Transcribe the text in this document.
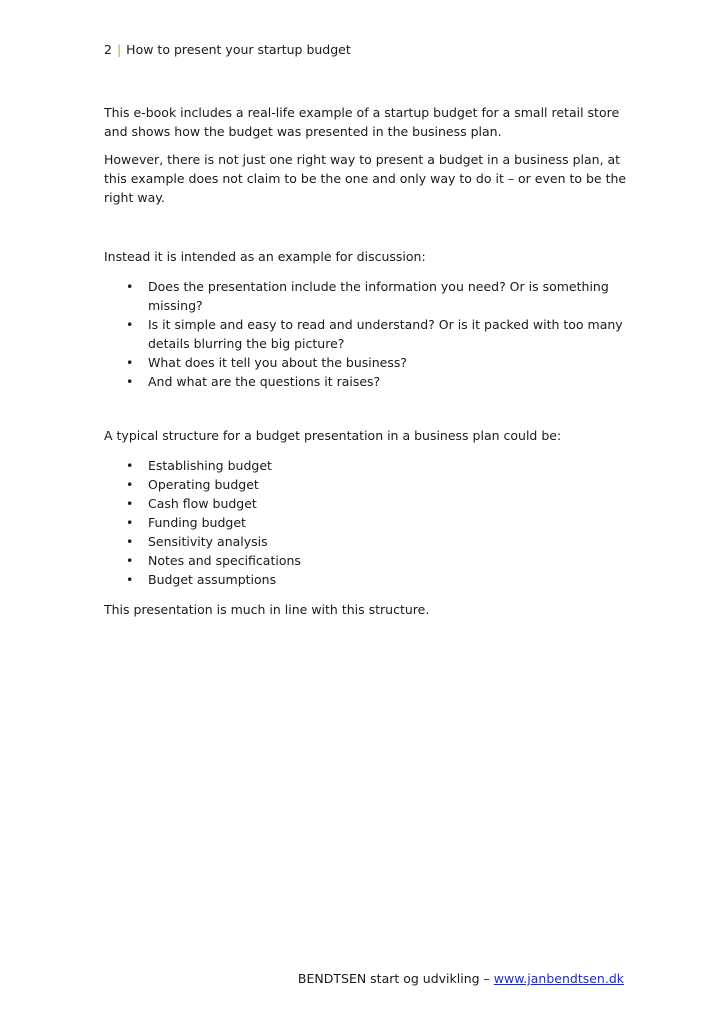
2 | How to present your startup budget

This e-book includes a real-life example of a startup budget for a small retail store and shows how the budget was presented in the business plan.

However, there is not just one right way to present a budget in a business plan, at this example does not claim to be the one and only way to do it – or even to be the right way.

Instead it is intended as an example for discussion:

• Does the presentation include the information you need? Or is something missing?
• Is it simple and easy to read and understand? Or is it packed with too many details blurring the big picture?
• What does it tell you about the business?
• And what are the questions it raises?

A typical structure for a budget presentation in a business plan could be:

• Establishing budget
• Operating budget
• Cash flow budget
• Funding budget
• Sensitivity analysis
• Notes and specifications
• Budget assumptions

This presentation is much in line with this structure.

BENDTSEN start og udvikling – www.janbendtsen.dk
